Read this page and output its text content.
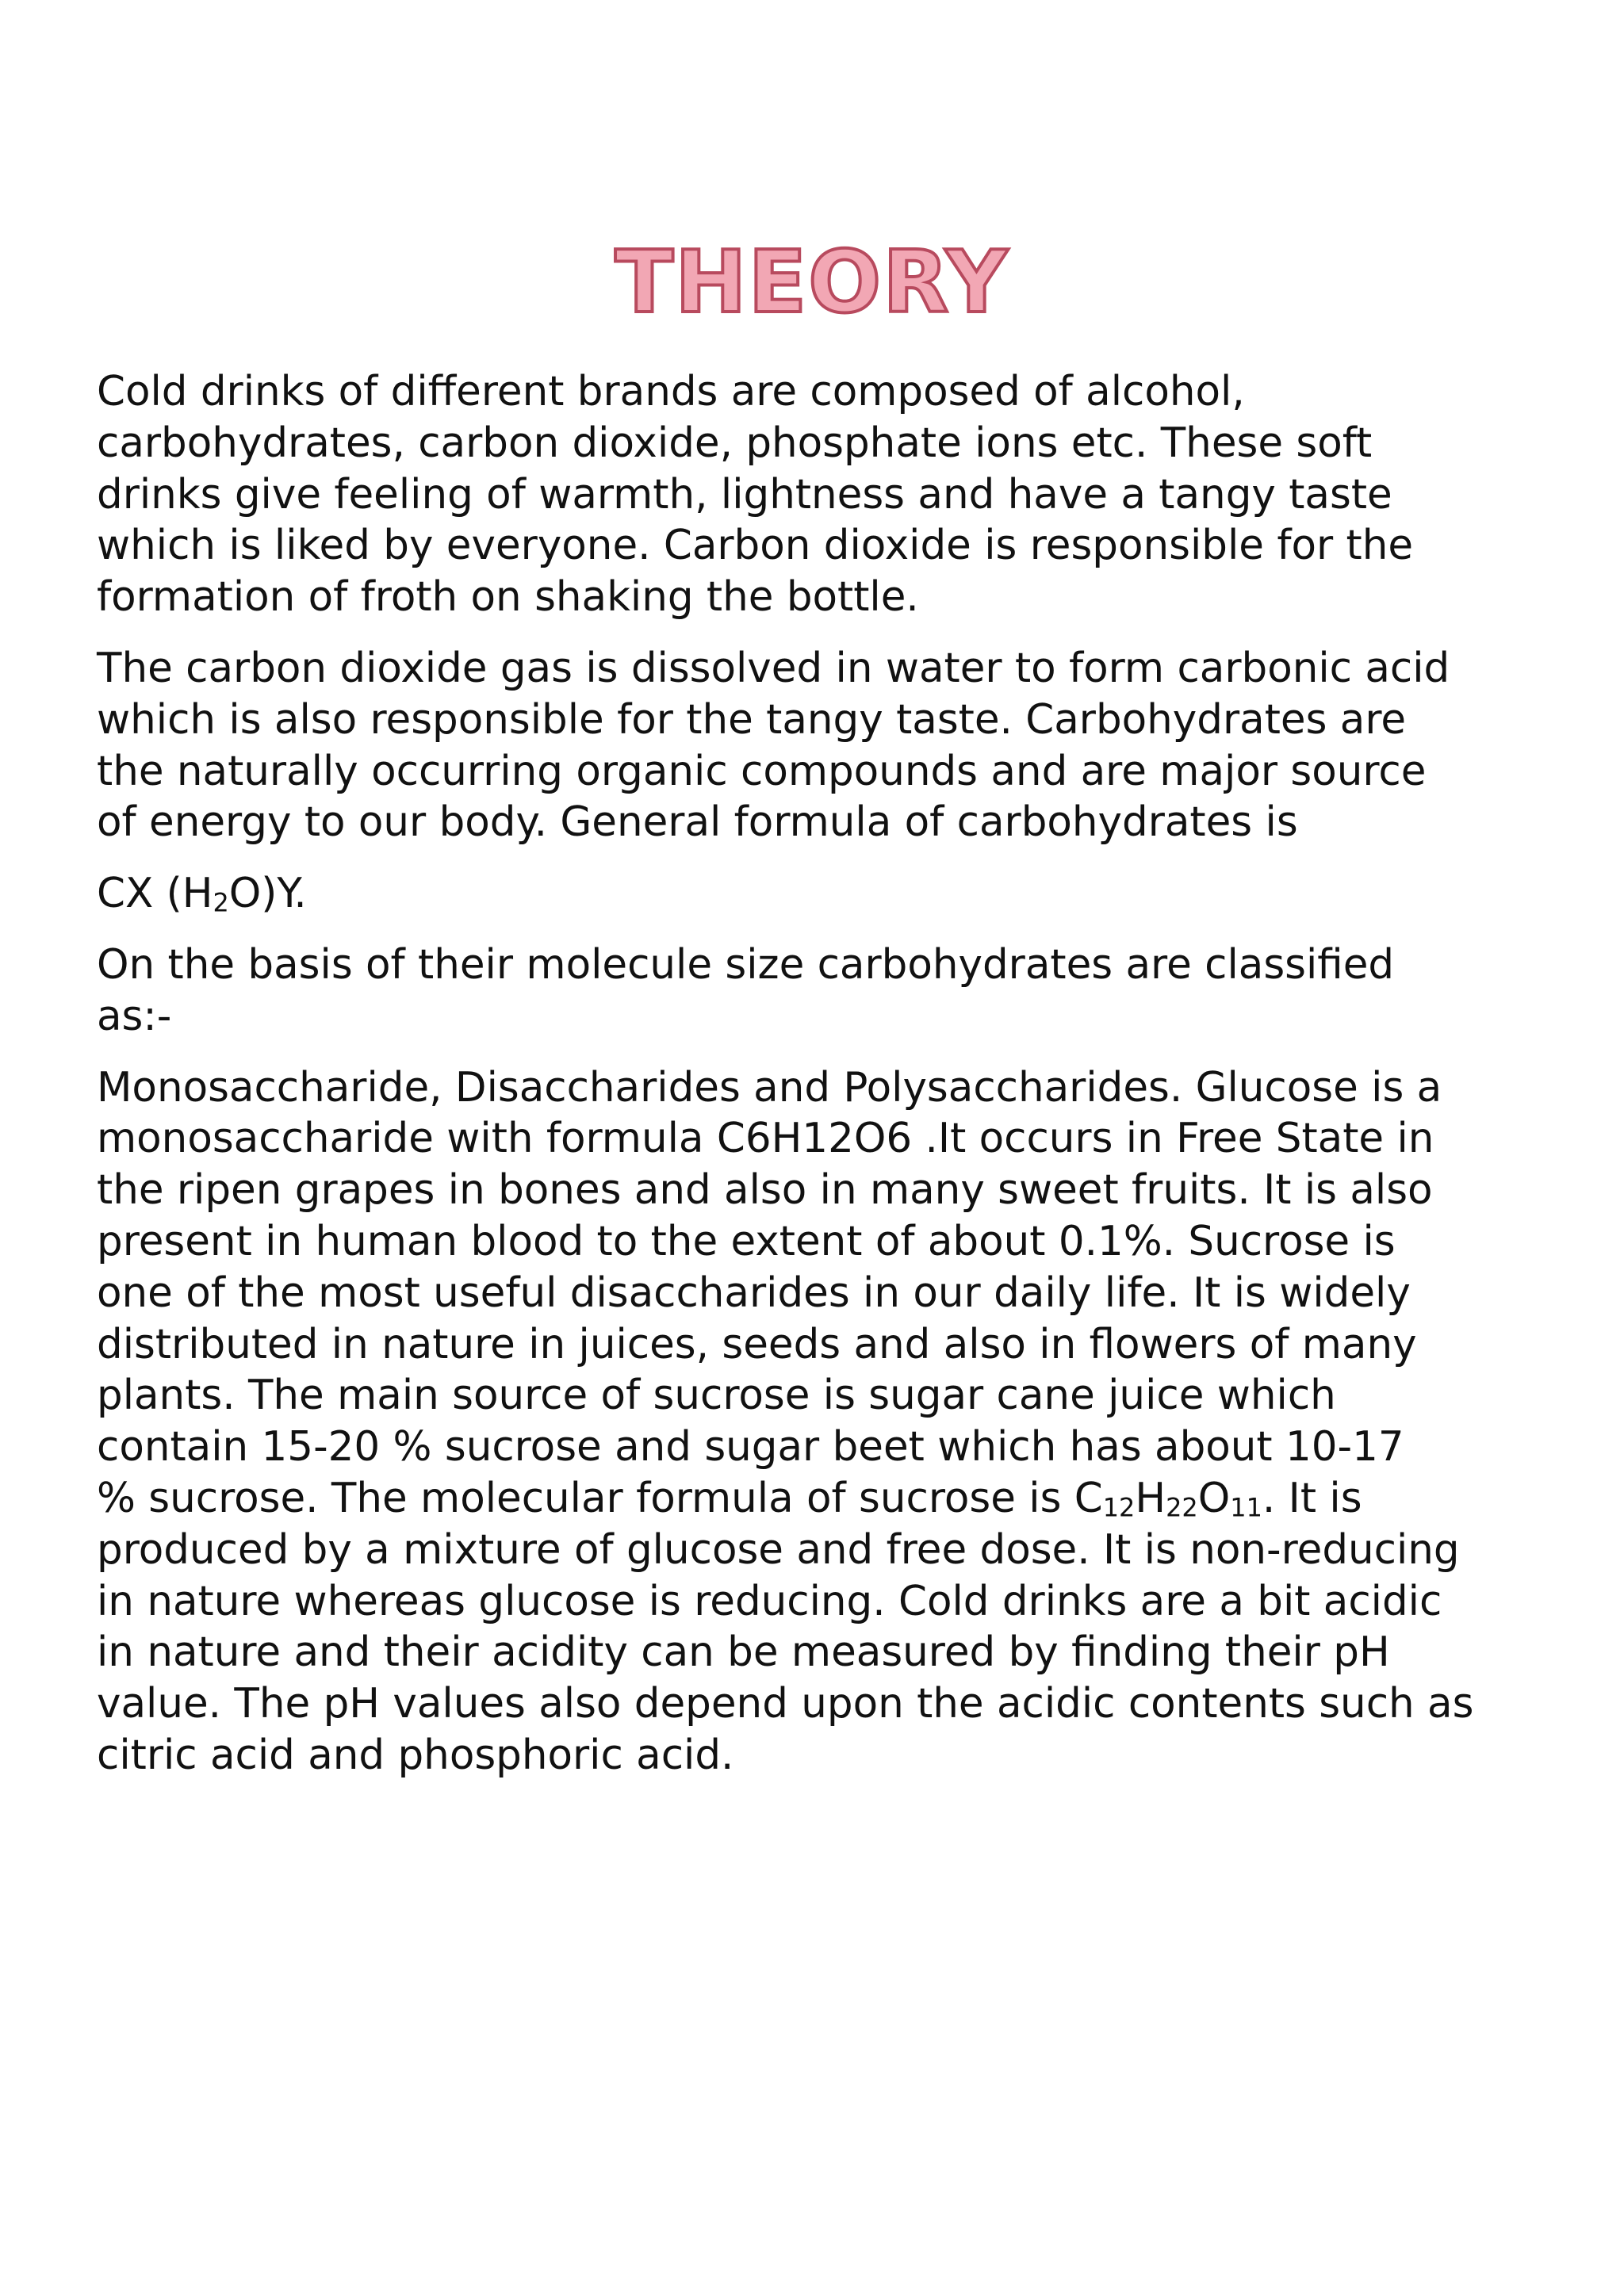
THEORY

Cold drinks of different brands are composed of alcohol,
carbohydrates, carbon dioxide, phosphate ions etc. These soft
drinks give feeling of warmth, lightness and have a tangy taste
which is liked by everyone. Carbon dioxide is responsible for the
formation of froth on shaking the bottle.

The carbon dioxide gas is dissolved in water to form carbonic acid
which is also responsible for the tangy taste. Carbohydrates are
the naturally occurring organic compounds and are major source
of energy to our body. General formula of carbohydrates is

CX $(H_2O)Y$.

On the basis of their molecule size carbohydrates are classified
as:-

Monosaccharide, Disaccharides and Polysaccharides. Glucose is a
monosaccharide with formula C6H12O6 .It occurs in Free State in
the ripen grapes in bones and also in many sweet fruits. It is also
present in human blood to the extent of about 0.1%. Sucrose is
one of the most useful disaccharides in our daily life. It is widely
distributed in nature in juices, seeds and also in flowers of many
plants. The main source of sucrose is sugar cane juice which
contain 15-20 % sucrose and sugar beet which has about 10-17
% sucrose. The molecular formula of sucrose is $C_{12}H_{22}O_{11}$. It is
produced by a mixture of glucose and free dose. It is non-reducing
in nature whereas glucose is reducing. Cold drinks are a bit acidic
in nature and their acidity can be measured by finding their pH
value. The pH values also depend upon the acidic contents such as
citric acid and phosphoric acid.
